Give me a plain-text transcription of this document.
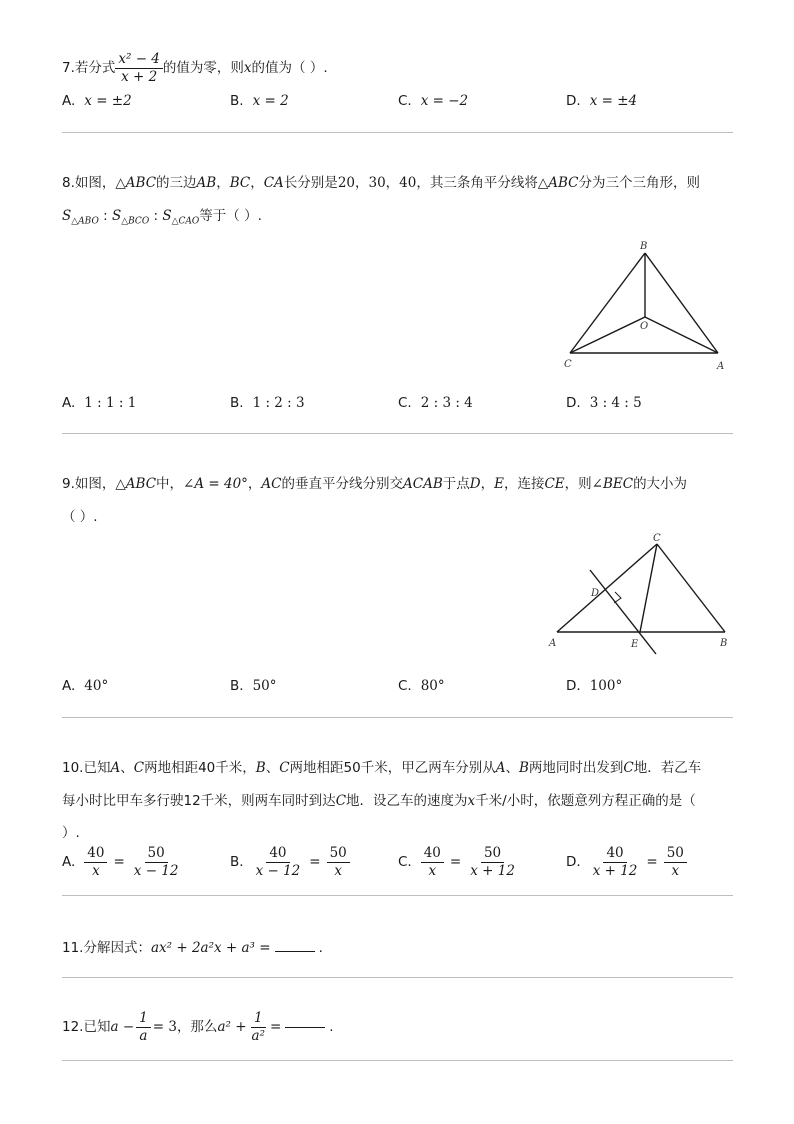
7.若分式 $\frac{\text{x² − 4}}{x + 2}$ 的值为零，则 x 的值为（ ）.
A. x = ±2	B. x = 2	C. x = −2	D. x = ±4
8.如图，△ABC的三边AB，BC，CA长分别是20，30，40，其三条角平分线将△ABC分为三个三角形，则
$S_{\triangle ABO}$ : $S_{\triangle BCO}$ : $S_{\triangle CAO}$等于（ ）.
B
O
C	A
A. 1 : 1 : 1	B. 1 : 2 : 3	C. 2 : 3 : 4	D. 3 : 4 : 5
9.如图，△ABC中，∠A = 40°，AC的垂直平分线分别交ACAB于点D，E，连接CE，则∠BEC的大小为
（ ）.
C
D
A	E	B
A. 40°	B. 50°	C. 80°	D. 100°
10.已知A、C两地相距40千米，B、C两地相距50千米，甲乙两车分别从A、B两地同时出发到C地．若乙车
每小时比甲车多行驶12千米，则两车同时到达C地．设乙车的速度为x千米/小时，依题意列方程正确的是（
）.
A. $\frac{40}{x} = \frac{50}{x - 12}$	B. $\frac{40}{x - 12} = \frac{50}{x}$	C. $\frac{40}{x} = \frac{50}{x + 12}$	D. $\frac{40}{x + 12} = \frac{50}{x}$
11.分解因式：ax² + 2a²x + a³ =	.
12.已知 $a - \frac{1}{a} = 3$ ，那么 $a^2 + \frac{1}{\text{a²}}$ =	.
